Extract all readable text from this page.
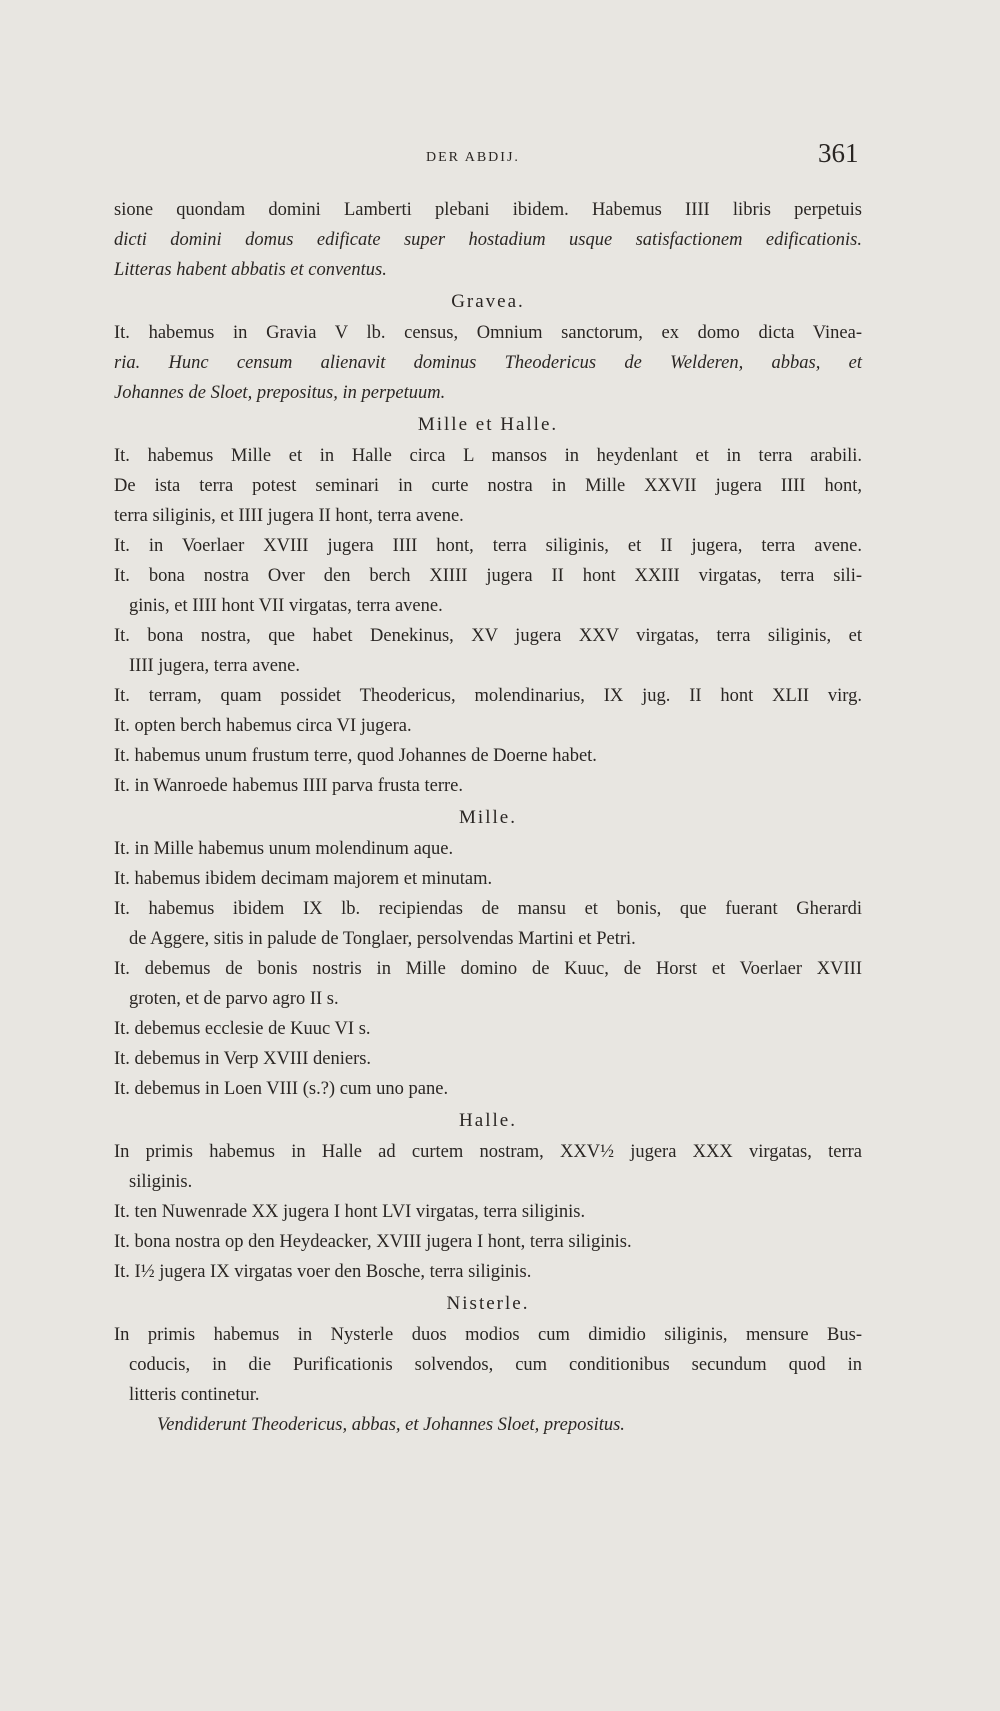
DER ABDIJ.	361
sione quondam domini Lamberti plebani ibidem. Habemus IIII libris perpetuis
dicti domini domus edificate super hostadium usque satisfactionem edificationis.
Litteras habent abbatis et conventus.
Gravea.
It. habemus in Gravia V lb. census, Omnium sanctorum, ex domo dicta Vinea-
ria. Hunc censum alienavit dominus Theodericus de Welderen, abbas, et
Johannes de Sloet, prepositus, in perpetuum.
Mille et Halle.
It. habemus Mille et in Halle circa L mansos in heydenlant et in terra arabili.
De ista terra potest seminari in curte nostra in Mille XXVII jugera IIII hont,
terra siliginis, et IIII jugera II hont, terra avene.
It. in Voerlaer XVIII jugera IIII hont, terra siliginis, et II jugera, terra avene.
It. bona nostra Over den berch XIIII jugera II hont XXIII virgatas, terra sili-
ginis, et IIII hont VII virgatas, terra avene.
It. bona nostra, que habet Denekinus, XV jugera XXV virgatas, terra siliginis, et
IIII jugera, terra avene.
It. terram, quam possidet Theodericus, molendinarius, IX jug. II hont XLII virg.
It. opten berch habemus circa VI jugera.
It. habemus unum frustum terre, quod Johannes de Doerne habet.
It. in Wanroede habemus IIII parva frusta terre.
Mille.
It. in Mille habemus unum molendinum aque.
It. habemus ibidem decimam majorem et minutam.
It. habemus ibidem IX lb. recipiendas de mansu et bonis, que fuerant Gherardi
de Aggere, sitis in palude de Tonglaer, persolvendas Martini et Petri.
It. debemus de bonis nostris in Mille domino de Kuuc, de Horst et Voerlaer XVIII
groten, et de parvo agro II s.
It. debemus ecclesie de Kuuc VI s.
It. debemus in Verp XVIII deniers.
It. debemus in Loen VIII (s.?) cum uno pane.
Halle.
In primis habemus in Halle ad curtem nostram, XXV½ jugera XXX virgatas, terra
siliginis.
It. ten Nuwenrade XX jugera I hont LVI virgatas, terra siliginis.
It. bona nostra op den Heydeacker, XVIII jugera I hont, terra siliginis.
It. I½ jugera IX virgatas voer den Bosche, terra siliginis.
Nisterle.
In primis habemus in Nysterle duos modios cum dimidio siliginis, mensure Bus-
coducis, in die Purificationis solvendos, cum conditionibus secundum quod in
litteris continetur.
Vendiderunt Theodericus, abbas, et Johannes Sloet, prepositus.
